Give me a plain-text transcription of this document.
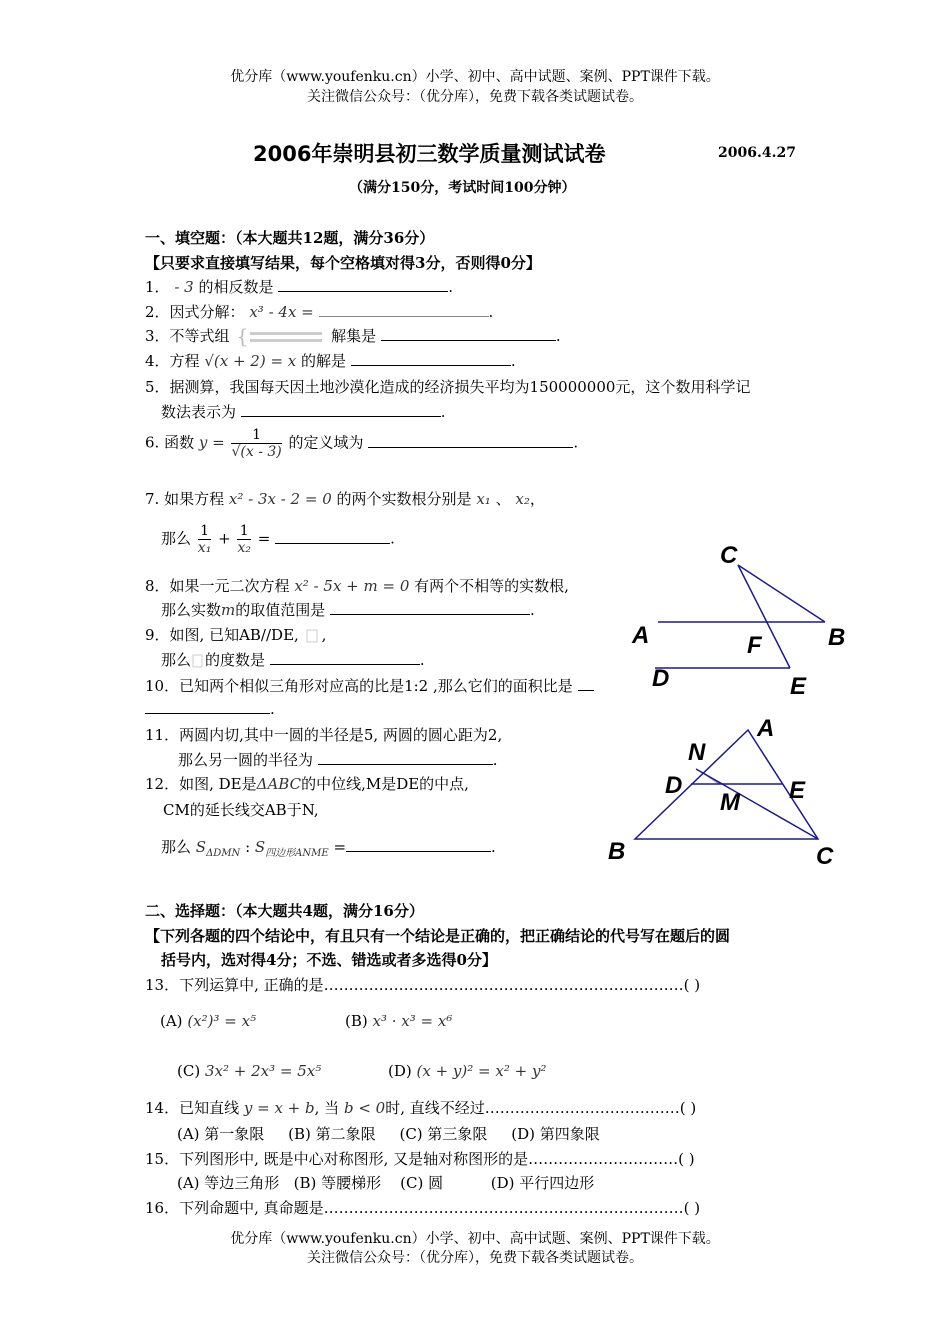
优分库（www.youfenku.cn）小学、初中、高中试题、案例、PPT课件下载。
关注微信公众号：（优分库），免费下载各类试题试卷。
2006年崇明县初三数学质量测试试卷	2006.4.27
（满分150分，考试时间100分钟）
一、填空题：（本大题共12题，满分36分）
【只要求直接填写结果，每个空格填对得3分，否则得0分】
1． - 3 的相反数是	.
2．因式分解： x³ - 4x =	.
3．不等式组 {	解集是	.
4．方程 √(x + 2) = x 的解是	.
5．据测算，我国每天因土地沙漠化造成的经济损失平均为150000000元，这个数用科学记
数法表示为	.
6. 函数 $y = \frac{1}{√(x - 3)}$ 的定义域为	.
7. 如果方程 x² - 3x - 2 = 0 的两个实数根分别是 x₁ 、 x₂，
那么 $\frac{1}{\text{x₁}} + \frac{1}{\text{x₂}}$ =	.
8．如果一元二次方程 x² - 5x + m = 0 有两个不相等的实数根,
那么实数m的取值范围是	.
9．如图, 已知AB//DE, ,
那么 的度数是	.
10．已知两个相似三角形对应高的比是1:2 ,那么它们的面积比是
.
11．两圆内切,其中一圆的半径是5, 两圆的圆心距为2,
那么另一圆的半径为	.
12．如图, DE是ΔABC的中位线,M是DE的中点,
CM的延长线交AB于N,
那么 $S_{\Delta DMN}$ : $S_{四边形ANME}$ =	.
C
A	F	B
D	E
A
N
D	E
M
B	C
二、选择题：（本大题共4题，满分16分）
【下列各题的四个结论中，有且只有一个结论是正确的，把正确结论的代号写在题后的圆
括号内，选对得4分；不选、错选或者多选得0分】
13．下列运算中, 正确的是………………………………………………………………( )
(A) (x²)³ = x⁵	(B) x³ · x³ = x⁶
(C) 3x² + 2x³ = 5x⁵	(D) (x + y)² = x² + y²
14．已知直线 y = x + b, 当 b < 0时, 直线不经过…………………………………( )
(A) 第一象限     (B) 第二象限     (C) 第三象限     (D) 第四象限
15．下列图形中, 既是中心对称图形, 又是轴对称图形的是…………………………( )
(A) 等边三角形   (B) 等腰梯形    (C) 圆          (D) 平行四边形
16．下列命题中, 真命题是………………………………………………………………( )
优分库（www.youfenku.cn）小学、初中、高中试题、案例、PPT课件下载。
关注微信公众号：（优分库），免费下载各类试题试卷。
